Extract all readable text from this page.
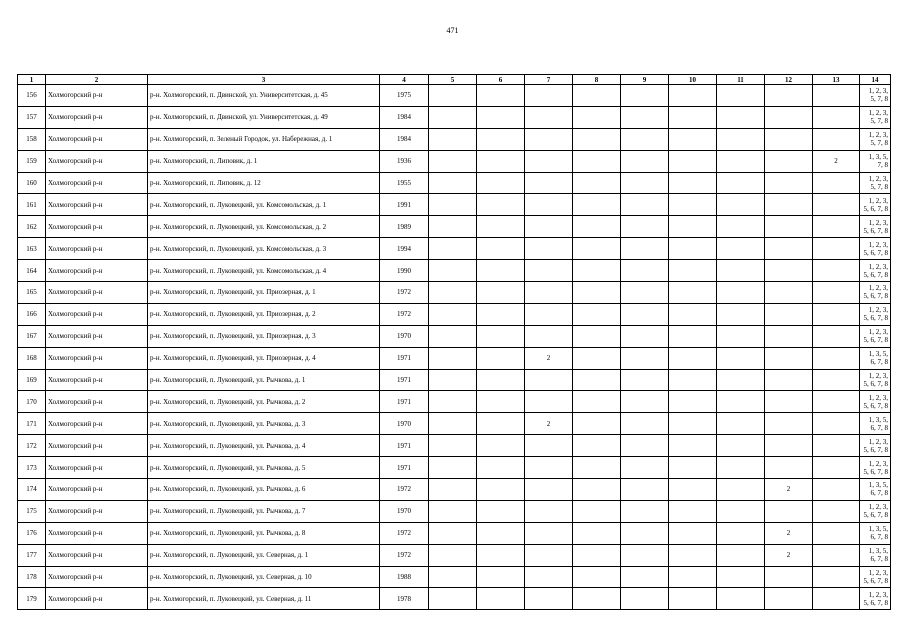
471
1	2	3	4	5	6	7	8	9	10	11	12	13	14
156	Холмогорский р-н	р-н. Холмогорский, п. Двинской, ул. Университетская, д. 45	1975										1, 2, 3, 5, 7, 8
157	Холмогорский р-н	р-н. Холмогорский, п. Двинской, ул. Университетская, д. 49	1984										1, 2, 3, 5, 7, 8
158	Холмогорский р-н	р-н. Холмогорский, п. Зеленый Городок, ул. Набережная, д. 1	1984										1, 2, 3, 5, 7, 8
159	Холмогорский р-н	р-н. Холмогорский, п. Липовик, д. 1	1936									2	1, 3, 5, 7, 8
160	Холмогорский р-н	р-н. Холмогорский, п. Липовик, д. 12	1955										1, 2, 3, 5, 7, 8
161	Холмогорский р-н	р-н. Холмогорский, п. Луковецкий, ул. Комсомольская, д. 1	1991										1, 2, 3, 5, 6, 7, 8
162	Холмогорский р-н	р-н. Холмогорский, п. Луковецкий, ул. Комсомольская, д. 2	1989										1, 2, 3, 5, 6, 7, 8
163	Холмогорский р-н	р-н. Холмогорский, п. Луковецкий, ул. Комсомольская, д. 3	1994										1, 2, 3, 5, 6, 7, 8
164	Холмогорский р-н	р-н. Холмогорский, п. Луковецкий, ул. Комсомольская, д. 4	1990										1, 2, 3, 5, 6, 7, 8
165	Холмогорский р-н	р-н. Холмогорский, п. Луковецкий, ул. Приозерная, д. 1	1972										1, 2, 3, 5, 6, 7, 8
166	Холмогорский р-н	р-н. Холмогорский, п. Луковецкий, ул. Приозерная, д. 2	1972										1, 2, 3, 5, 6, 7, 8
167	Холмогорский р-н	р-н. Холмогорский, п. Луковецкий, ул. Приозерная, д. 3	1970										1, 2, 3, 5, 6, 7, 8
168	Холмогорский р-н	р-н. Холмогорский, п. Луковецкий, ул. Приозерная, д. 4	1971			2							1, 3, 5, 6, 7, 8
169	Холмогорский р-н	р-н. Холмогорский, п. Луковецкий, ул. Рычкова, д. 1	1971										1, 2, 3, 5, 6, 7, 8
170	Холмогорский р-н	р-н. Холмогорский, п. Луковецкий, ул. Рычкова, д. 2	1971										1, 2, 3, 5, 6, 7, 8
171	Холмогорский р-н	р-н. Холмогорский, п. Луковецкий, ул. Рычкова, д. 3	1970			2							1, 3, 5, 6, 7, 8
172	Холмогорский р-н	р-н. Холмогорский, п. Луковецкий, ул. Рычкова, д. 4	1971										1, 2, 3, 5, 6, 7, 8
173	Холмогорский р-н	р-н. Холмогорский, п. Луковецкий, ул. Рычкова, д. 5	1971										1, 2, 3, 5, 6, 7, 8
174	Холмогорский р-н	р-н. Холмогорский, п. Луковецкий, ул. Рычкова, д. 6	1972								2		1, 3, 5, 6, 7, 8
175	Холмогорский р-н	р-н. Холмогорский, п. Луковецкий, ул. Рычкова, д. 7	1970										1, 2, 3, 5, 6, 7, 8
176	Холмогорский р-н	р-н. Холмогорский, п. Луковецкий, ул. Рычкова, д. 8	1972								2		1, 3, 5, 6, 7, 8
177	Холмогорский р-н	р-н. Холмогорский, п. Луковецкий, ул. Северная, д. 1	1972								2		1, 3, 5, 6, 7, 8
178	Холмогорский р-н	р-н. Холмогорский, п. Луковецкий, ул. Северная, д. 10	1988										1, 2, 3, 5, 6, 7, 8
179	Холмогорский р-н	р-н. Холмогорский, п. Луковецкий, ул. Северная, д. 11	1978										1, 2, 3, 5, 6, 7, 8
